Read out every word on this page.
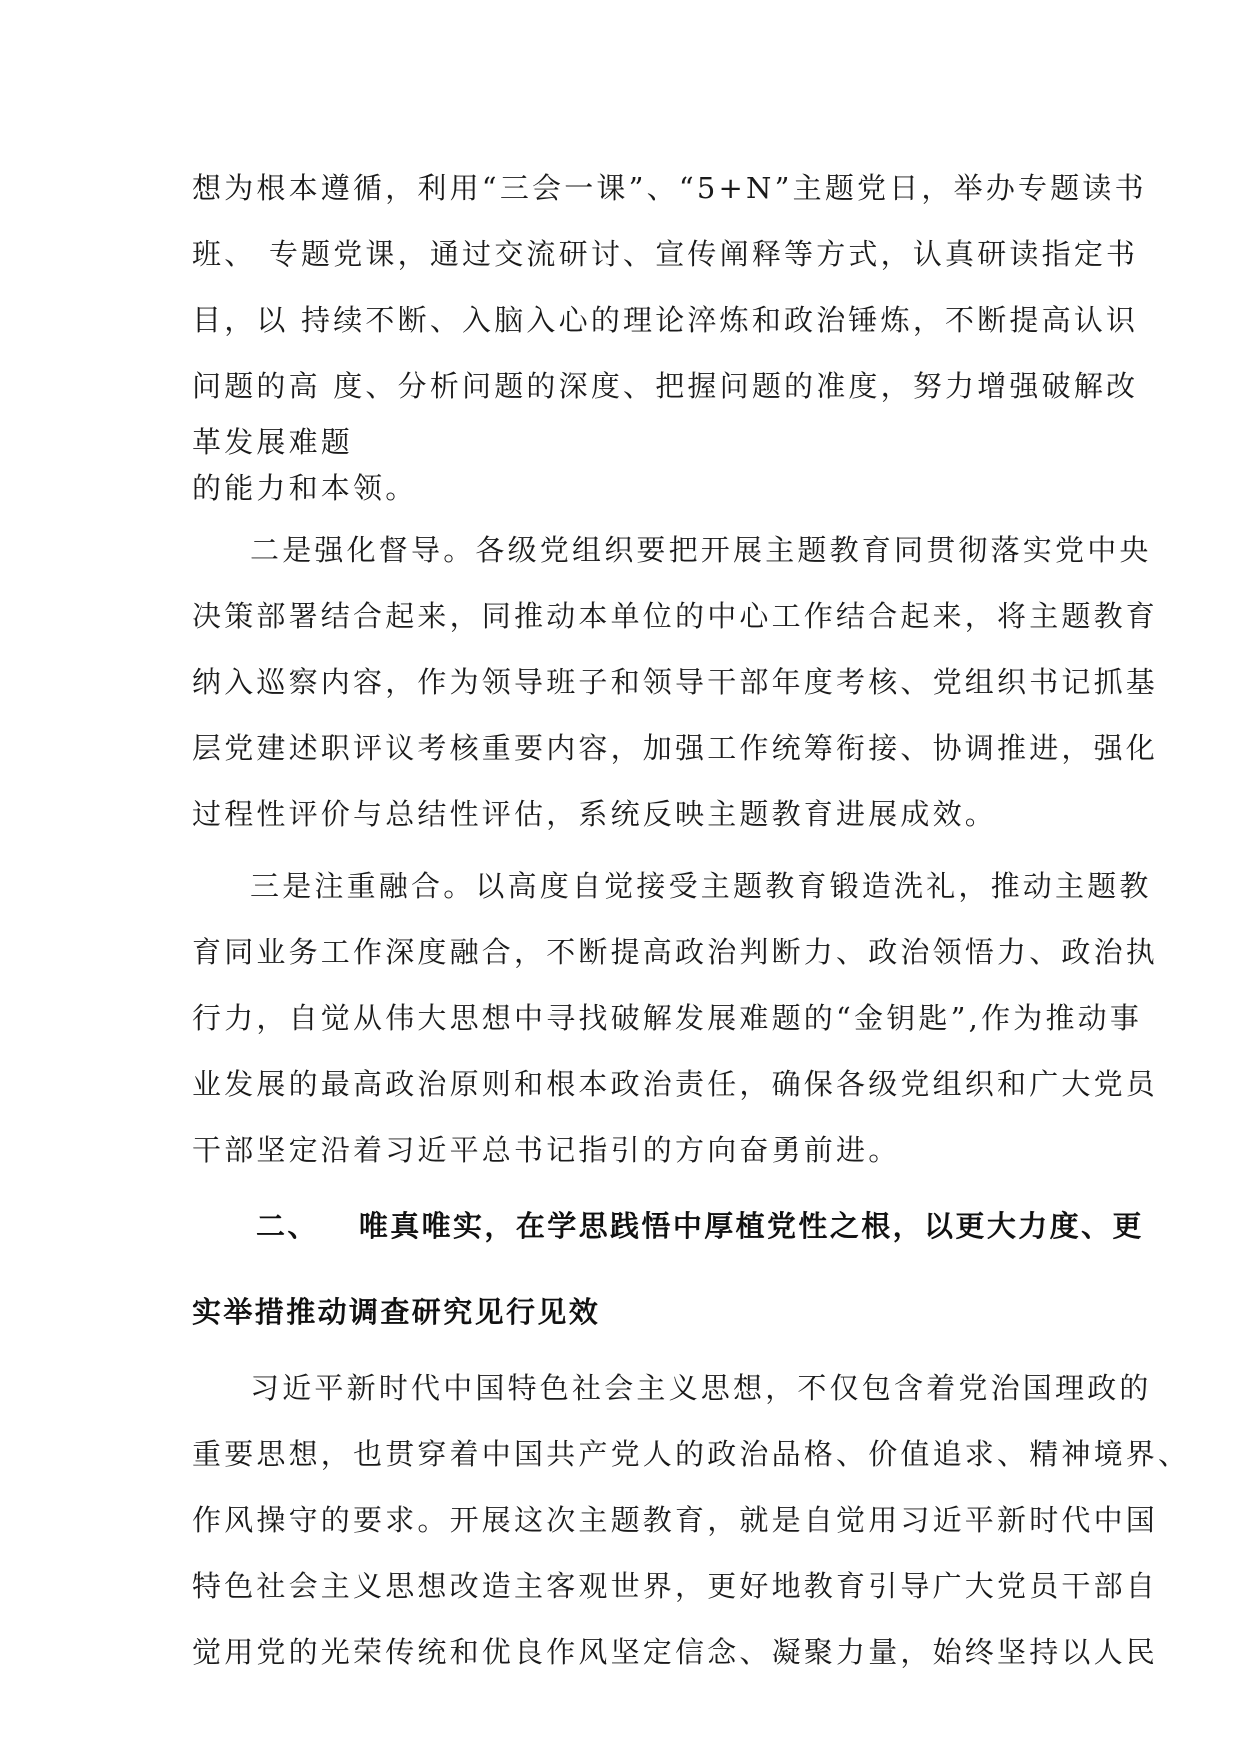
想为根本遵循，利用“三会一课”、“5+N”主题党日，举办专题读书
班、 专题党课，通过交流研讨、宣传阐释等方式，认真研读指定书
目，以 持续不断、入脑入心的理论淬炼和政治锤炼，不断提高认识
问题的高 度、分析问题的深度、把握问题的准度，努力增强破解改
革发展难题
的能力和本领。
二是强化督导。各级党组织要把开展主题教育同贯彻落实党中央
决策部署结合起来，同推动本单位的中心工作结合起来，将主题教育
纳入巡察内容，作为领导班子和领导干部年度考核、党组织书记抓基
层党建述职评议考核重要内容，加强工作统筹衔接、协调推进，强化
过程性评价与总结性评估，系统反映主题教育进展成效。
三是注重融合。以高度自觉接受主题教育锻造洗礼，推动主题教
育同业务工作深度融合，不断提高政治判断力、政治领悟力、政治执
行力，自觉从伟大思想中寻找破解发展难题的“金钥匙”,作为推动事
业发展的最高政治原则和根本政治责任，确保各级党组织和广大党员
干部坚定沿着习近平总书记指引的方向奋勇前进。
二、 唯真唯实，在学思践悟中厚植党性之根，以更大力度、更
实举措推动调查研究见行见效
习近平新时代中国特色社会主义思想，不仅包含着党治国理政的
重要思想，也贯穿着中国共产党人的政治品格、价值追求、精神境界、
作风操守的要求。开展这次主题教育，就是自觉用习近平新时代中国
特色社会主义思想改造主客观世界，更好地教育引导广大党员干部自
觉用党的光荣传统和优良作风坚定信念、凝聚力量，始终坚持以人民
